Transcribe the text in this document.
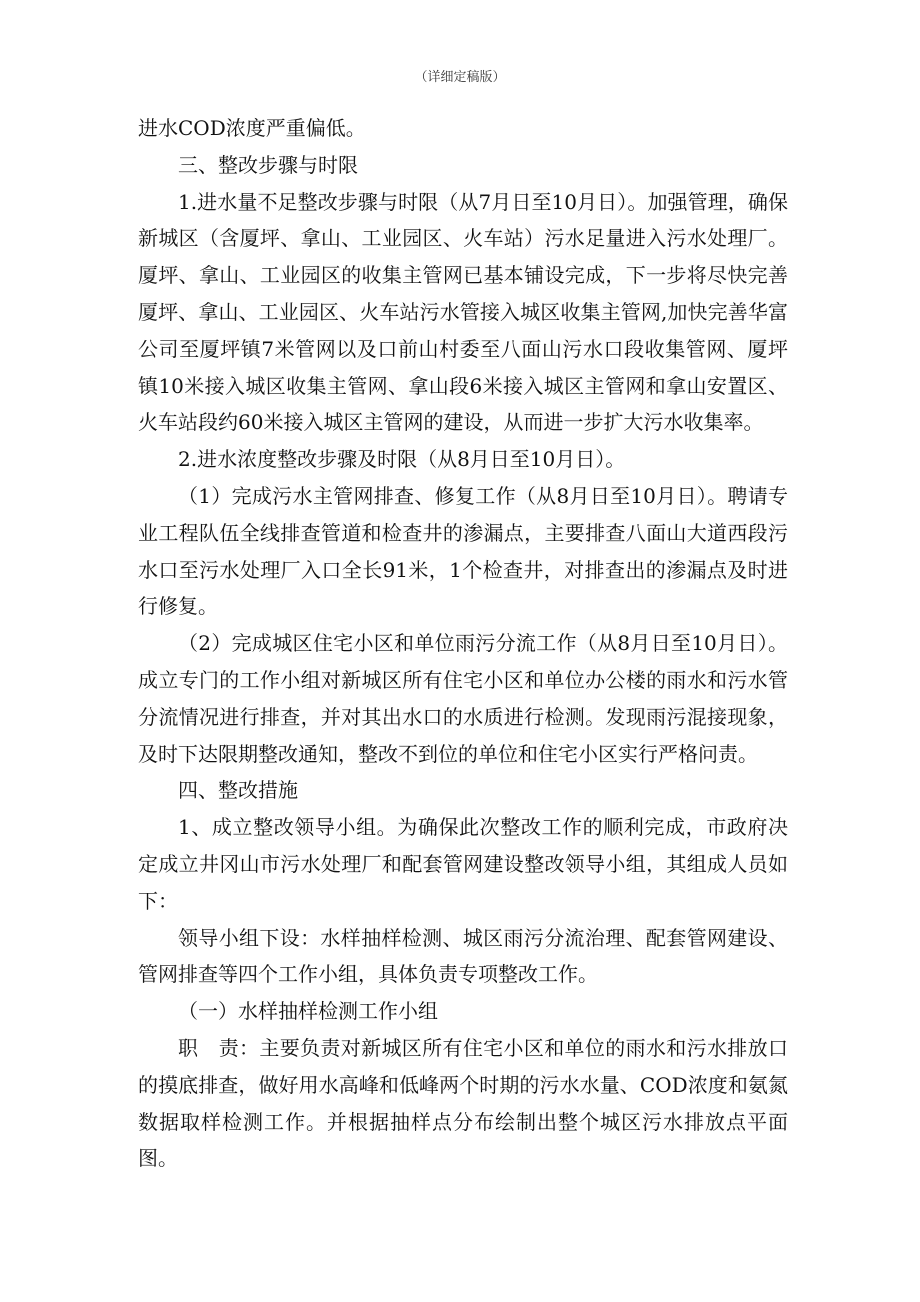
（详细定稿版）

进水COD浓度严重偏低。

三、整改步骤与时限

1.进水量不足整改步骤与时限（从7月日至10月日）。加强管理，确保新城区（含厦坪、拿山、工业园区、火车站）污水足量进入污水处理厂。厦坪、拿山、工业园区的收集主管网已基本铺设完成，下一步将尽快完善厦坪、拿山、工业园区、火车站污水管接入城区收集主管网,加快完善华富公司至厦坪镇7米管网以及口前山村委至八面山污水口段收集管网、厦坪镇10米接入城区收集主管网、拿山段6米接入城区主管网和拿山安置区、火车站段约60米接入城区主管网的建设，从而进一步扩大污水收集率。

2.进水浓度整改步骤及时限（从8月日至10月日）。

（1）完成污水主管网排查、修复工作（从8月日至10月日）。聘请专业工程队伍全线排查管道和检查井的渗漏点，主要排查八面山大道西段污水口至污水处理厂入口全长91米，1个检查井，对排查出的渗漏点及时进行修复。

（2）完成城区住宅小区和单位雨污分流工作（从8月日至10月日）。成立专门的工作小组对新城区所有住宅小区和单位办公楼的雨水和污水管分流情况进行排查，并对其出水口的水质进行检测。发现雨污混接现象，及时下达限期整改通知，整改不到位的单位和住宅小区实行严格问责。

四、整改措施

1、成立整改领导小组。为确保此次整改工作的顺利完成，市政府决定成立井冈山市污水处理厂和配套管网建设整改领导小组，其组成人员如下：

领导小组下设：水样抽样检测、城区雨污分流治理、配套管网建设、管网排查等四个工作小组，具体负责专项整改工作。

（一）水样抽样检测工作小组

职　责：主要负责对新城区所有住宅小区和单位的雨水和污水排放口的摸底排查，做好用水高峰和低峰两个时期的污水水量、COD浓度和氨氮数据取样检测工作。并根据抽样点分布绘制出整个城区污水排放点平面图。
